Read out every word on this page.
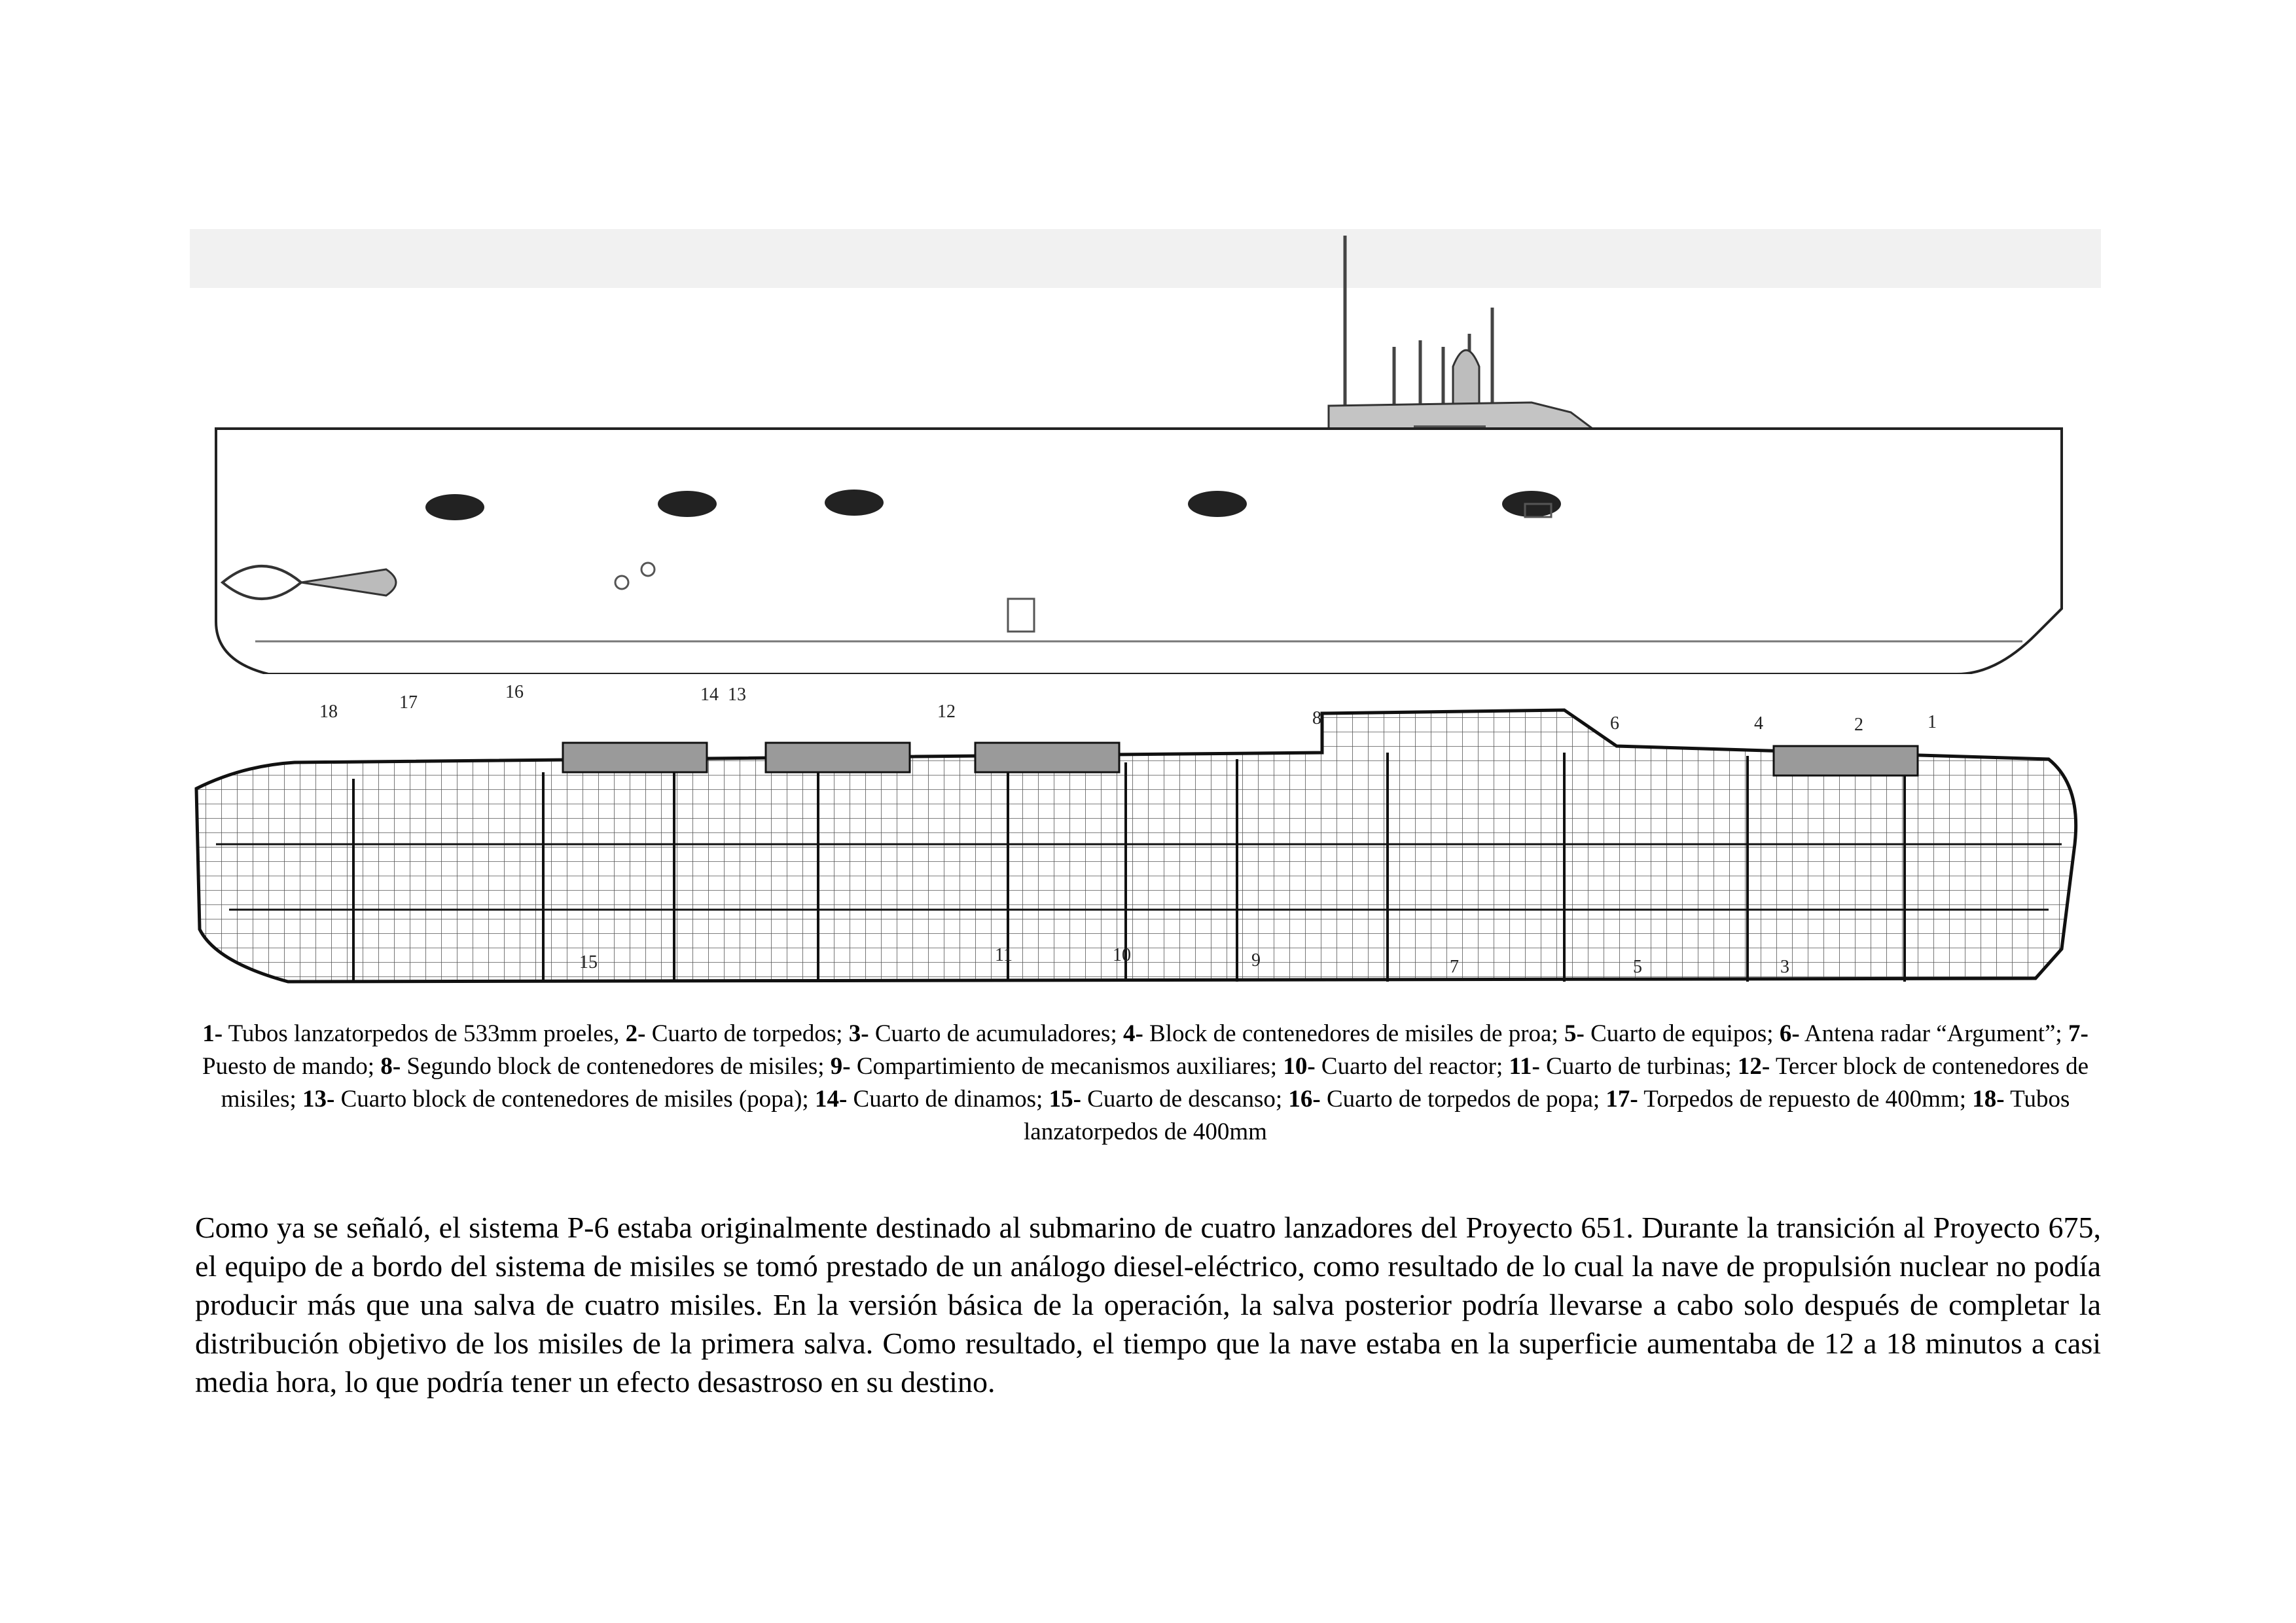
18	17
16	14 13
12	8	6	4	2	1
15	11	10	9	7	5	3
1- Tubos lanzatorpedos de 533mm proeles, 2- Cuarto de torpedos; 3- Cuarto de acumuladores; 4- Block de contenedores de misiles de proa; 5- Cuarto de equipos; 6- Antena radar “Argument”; 7- Puesto de mando; 8- Segundo block de contenedores de misiles; 9- Compartimiento de mecanismos auxiliares; 10- Cuarto del reactor; 11- Cuarto de turbinas; 12- Tercer block de contenedores de misiles; 13- Cuarto block de contenedores de misiles (popa); 14- Cuarto de dinamos; 15- Cuarto de descanso; 16- Cuarto de torpedos de popa; 17- Torpedos de repuesto de 400mm; 18- Tubos lanzatorpedos de 400mm

Como ya se señaló, el sistema P-6 estaba originalmente destinado al submarino de cuatro lanzadores del Proyecto 651. Durante la transición al Proyecto 675, el equipo de a bordo del sistema de misiles se tomó prestado de un análogo diesel-eléctrico, como resultado de lo cual la nave de propulsión nuclear no podía producir más que una salva de cuatro misiles. En la versión básica de la operación, la salva posterior podría llevarse a cabo solo después de completar la distribución objetivo de los misiles de la primera salva. Como resultado, el tiempo que la nave estaba en la superficie aumentaba de 12 a 18 minutos a casi media hora, lo que podría tener un efecto desastroso en su destino.
